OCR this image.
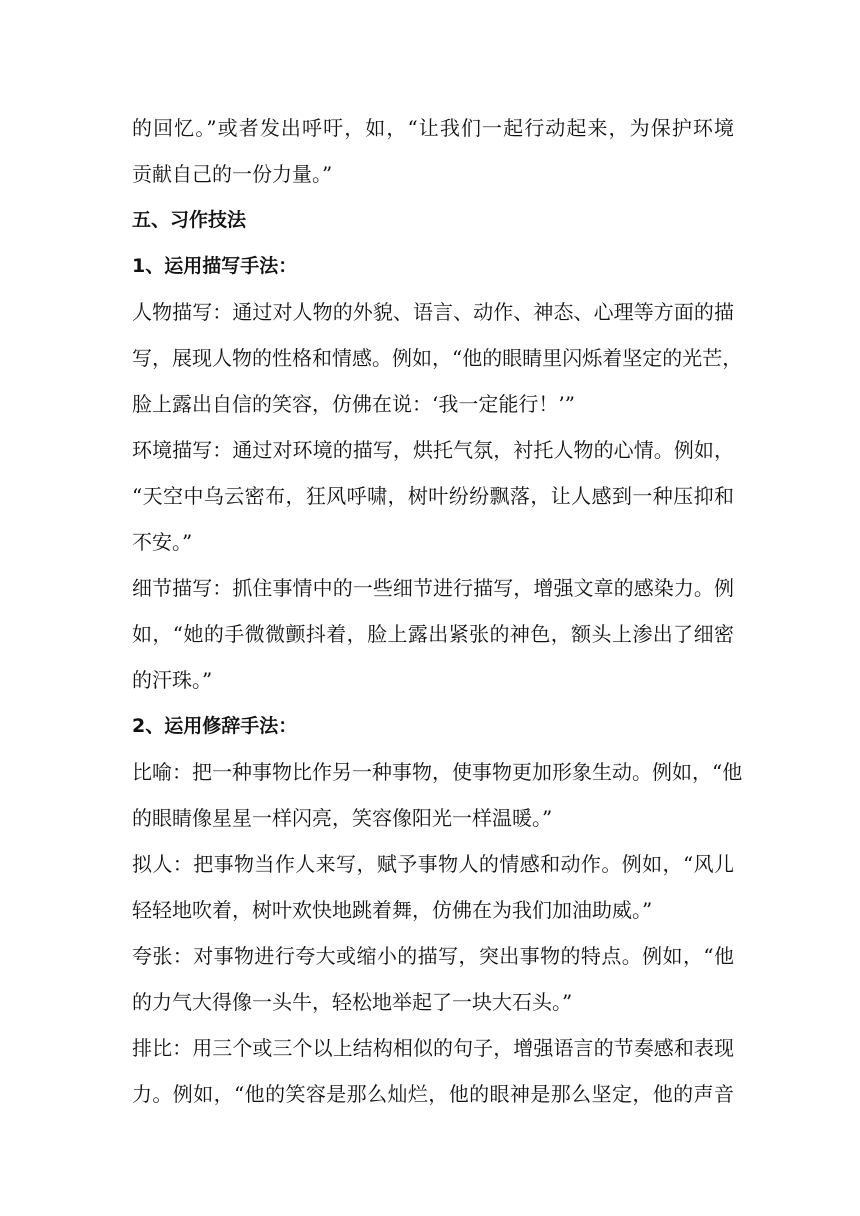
的回忆。”或者发出呼吁，如，“让我们一起行动起来，为保护环境
贡献自己的一份力量。”
五、习作技法
1、运用描写手法：
人物描写：通过对人物的外貌、语言、动作、神态、心理等方面的描
写，展现人物的性格和情感。例如，“他的眼睛里闪烁着坚定的光芒，
脸上露出自信的笑容，仿佛在说：‘我一定能行！’”
环境描写：通过对环境的描写，烘托气氛，衬托人物的心情。例如，
“天空中乌云密布，狂风呼啸，树叶纷纷飘落，让人感到一种压抑和
不安。”
细节描写：抓住事情中的一些细节进行描写，增强文章的感染力。例
如，“她的手微微颤抖着，脸上露出紧张的神色，额头上渗出了细密
的汗珠。”
2、运用修辞手法：
比喻：把一种事物比作另一种事物，使事物更加形象生动。例如，“他
的眼睛像星星一样闪亮，笑容像阳光一样温暖。”
拟人：把事物当作人来写，赋予事物人的情感和动作。例如，“风儿
轻轻地吹着，树叶欢快地跳着舞，仿佛在为我们加油助威。”
夸张：对事物进行夸大或缩小的描写，突出事物的特点。例如，“他
的力气大得像一头牛，轻松地举起了一块大石头。”
排比：用三个或三个以上结构相似的句子，增强语言的节奏感和表现
力。例如，“他的笑容是那么灿烂，他的眼神是那么坚定，他的声音
